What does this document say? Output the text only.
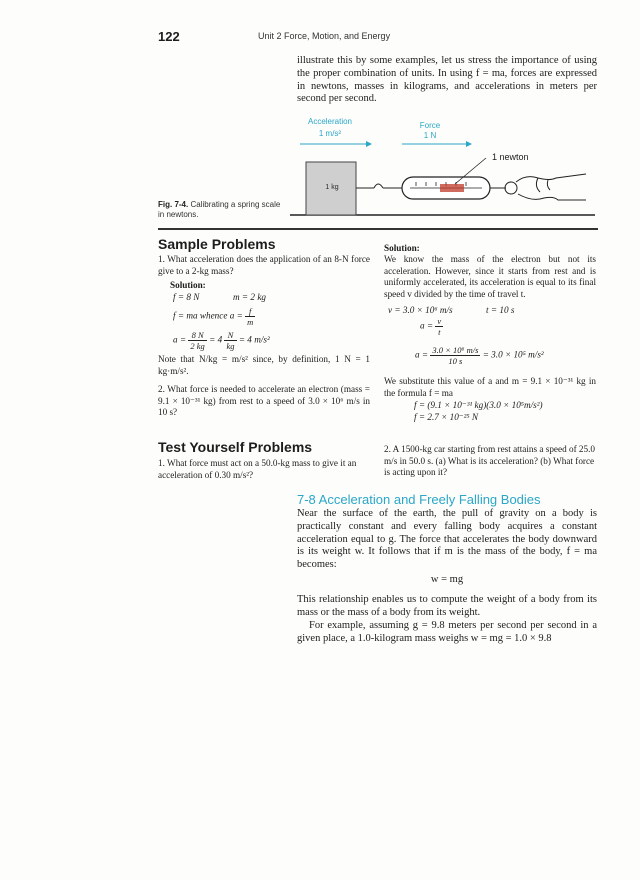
122	Unit 2 Force, Motion, and Energy
illustrate this by some examples, let us stress the importance of using the proper combination of units. In using f = ma, forces are expressed in newtons, masses in kilograms, and accelerations in meters per second per second.
Acceleration
1 m/s²
Force
1 N
1 kg
1 newton
Fig. 7-4. Calibrating a spring scale in newtons.
Sample Problems
1. What acceleration does the application of an 8-N force give to a 2-kg mass?
Solution:
f = 8 N	m = 2 kg
f = ma whence $a = \frac{f}{m}$
$a = \frac{8 N}{2 kg} = 4 \frac{N}{kg} = 4$ m/s²
Note that N/kg = m/s² since, by definition, 1 N = 1 kg·m/s².
2. What force is needed to accelerate an electron (mass = 9.1 × 10⁻³¹ kg) from rest to a speed of 3.0 × 10⁶ m/s in 10 s?
Solution:
We know the mass of the electron but not its acceleration. However, since it starts from rest and is uniformly accelerated, its acceleration is equal to its final speed v divided by the time of travel t.
v = 3.0 × 10⁶ m/s	t = 10 s
$a = \frac{v}{t}$
$a = \frac{\text{3.0 × 10⁶ m/s}}{10 s} = 3.0 \times 10^5$ m/s²
We substitute this value of a and m = 9.1 × 10⁻³¹ kg in the formula f = ma
f = (9.1 × 10⁻³¹ kg)(3.0 × 10⁵m/s²)
f = 2.7 × 10⁻²⁵ N
Test Yourself Problems
1. What force must act on a 50.0-kg mass to give it an acceleration of 0.30 m/s²?
2. A 1500-kg car starting from rest attains a speed of 25.0 m/s in 50.0 s. (a) What is its acceleration? (b) What force is acting upon it?
7-8 Acceleration and Freely Falling Bodies
Near the surface of the earth, the pull of gravity on a body is practically constant and every falling body acquires a constant acceleration equal to g. The force that accelerates the body downward is its weight w. It follows that if m is the mass of the body, f = ma becomes:
w = mg
This relationship enables us to compute the weight of a body from its mass or the mass of a body from its weight.
For example, assuming g = 9.8 meters per second per second in a given place, a 1.0-kilogram mass weighs w = mg = 1.0 × 9.8
